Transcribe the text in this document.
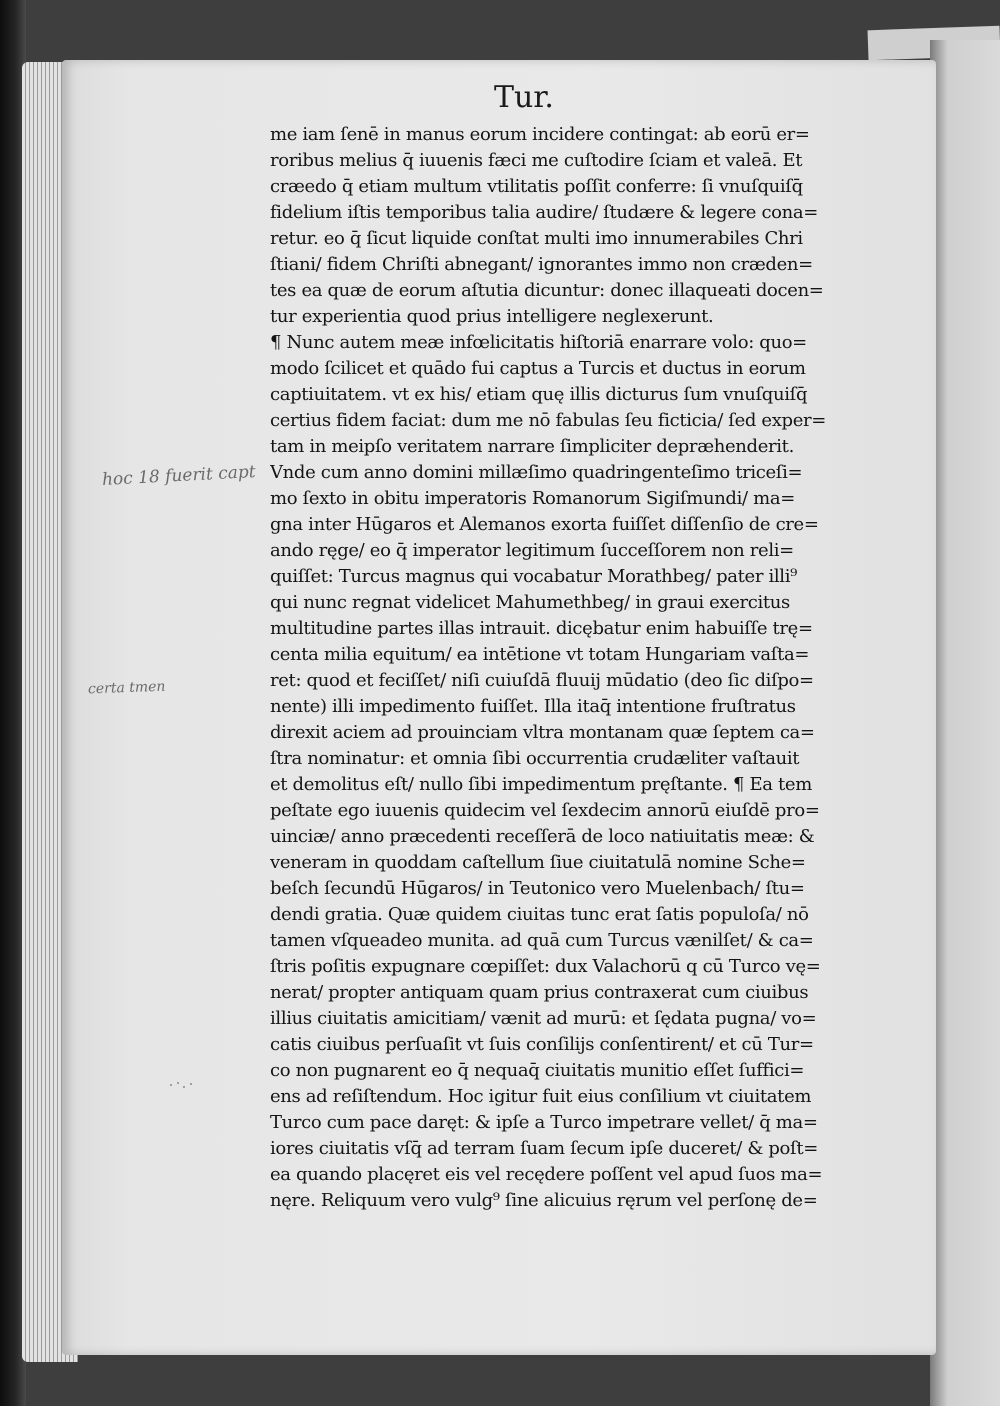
Tur.
me iam ſenē in manus eorum incidere contingat: ab eorū er=
roribus melius q̄ iuuenis fæci me cuſtodire ſciam et valeā. Et
cræedo q̄ etiam multum vtilitatis poſſit conferre: ſi vnuſquiſq̄
fidelium iſtis temporibus talia audire/ ſtudære & legere cona=
retur. eo q̄ ſicut liquide conſtat multi imo innumerabiles Chri
ſtiani/ fidem Chriſti abnegant/ ignorantes immo non cræden=
tes ea quæ de eorum aſtutia dicuntur: donec illaqueati docen=
tur experientia quod prius intelligere neglexerunt.
¶ Nunc autem meæ infœlicitatis hiſtoriā enarrare volo: quo=
modo ſcilicet et quādo fui captus a Turcis et ductus in eorum
captiuitatem. vt ex his/ etiam quę illis dicturus ſum vnuſquiſq̄
certius fidem faciat: dum me nō fabulas ſeu ficticia/ ſed exper=
tam in meipſo veritatem narrare ſimpliciter depræhenderit.
Vnde cum anno domini millæſimo quadringenteſimo triceſi=
mo ſexto in obitu imperatoris Romanorum Sigiſmundi/ ma=
gna inter Hūgaros et Alemanos exorta fuiſſet diſſenſio de cre=
ando ręge/ eo q̄ imperator legitimum ſucceſſorem non reli=
quiſſet: Turcus magnus qui vocabatur Morathbeg/ pater illi⁹
qui nunc regnat videlicet Mahumethbeg/ in graui exercitus
multitudine partes illas intrauit. dicębatur enim habuiſſe trę=
centa milia equitum/ ea intētione vt totam Hungariam vaſta=
ret: quod et feciſſet/ niſi cuiuſdā fluuij mūdatio (deo ſic diſpo=
nente) illi impedimento fuiſſet. Illa itaq̄ intentione fruſtratus
direxit aciem ad prouinciam vltra montanam quæ ſeptem ca=
ſtra nominatur: et omnia ſibi occurrentia crudæliter vaſtauit
et demolitus eſt/ nullo ſibi impedimentum pręſtante. ¶ Ea tem
peſtate ego iuuenis quidecim vel ſexdecim annorū eiuſdē pro=
uinciæ/ anno præcedenti receſſerā de loco natiuitatis meæ: &
veneram in quoddam caſtellum ſiue ciuitatulā nomine Sche=
beſch ſecundū Hūgaros/ in Teutonico vero Muelenbach/ ſtu=
dendi gratia. Quæ quidem ciuitas tunc erat ſatis populoſa/ nō
tamen vſqueadeo munita. ad quā cum Turcus vænilſet/ & ca=
ſtris poſitis expugnare cœpiſſet: dux Valachorū q cū Turco vę=
nerat/ propter antiquam quam prius contraxerat cum ciuibus
illius ciuitatis amicitiam/ vænit ad murū: et ſędata pugna/ vo=
catis ciuibus perſuaſit vt ſuis conſilijs conſentirent/ et cū Tur=
co non pugnarent eo q̄ nequaq̄ ciuitatis munitio eſſet ſuffici=
ens ad reſiſtendum. Hoc igitur fuit eius conſilium vt ciuitatem
Turco cum pace daręt: & ipſe a Turco impetrare vellet/ q̄ ma=
iores ciuitatis vſq̄ ad terram ſuam ſecum ipſe duceret/ & poſt=
ea quando placęret eis vel recędere poſſent vel apud ſuos ma=
nęre. Reliquum vero vulg⁹ ſine alicuius ręrum vel perſonę de=
hoc 18 fuerit capt
certa tmen
